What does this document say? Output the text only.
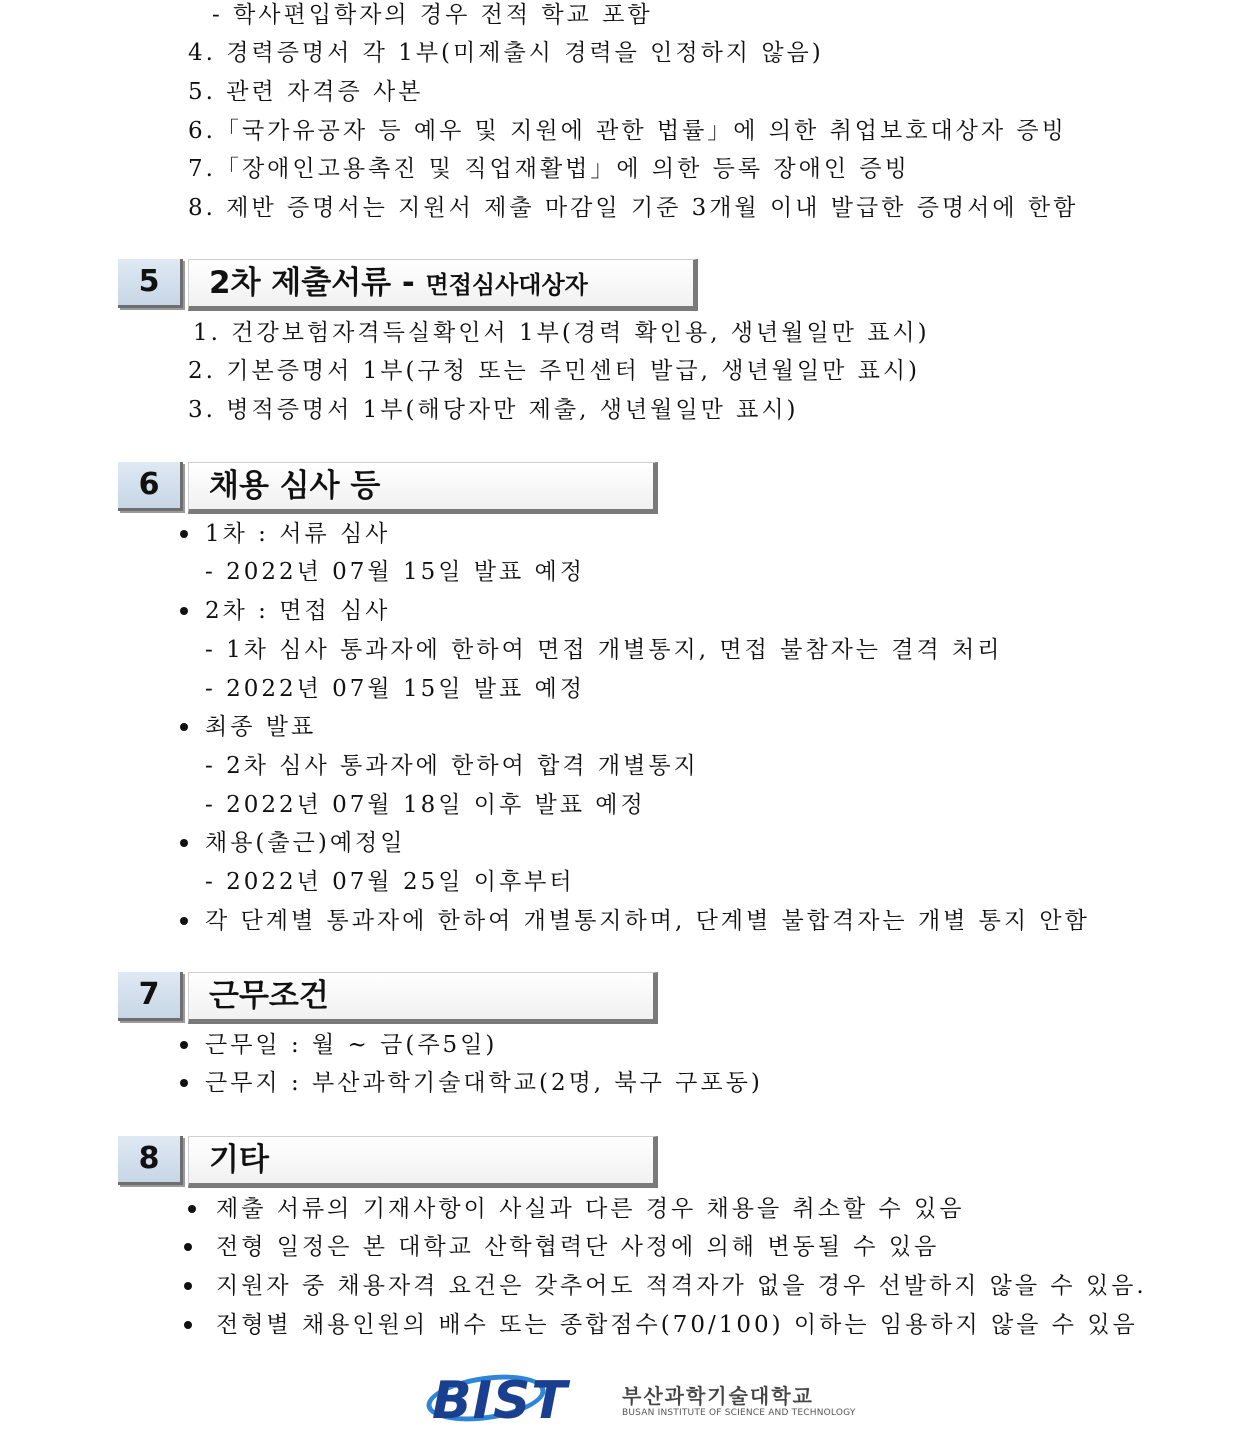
- 학사편입학자의 경우 전적 학교 포함
4. 경력증명서 각 1부(미제출시 경력을 인정하지 않음)
5. 관련 자격증 사본
6.「국가유공자 등 예우 및 지원에 관한 법률」에 의한 취업보호대상자 증빙
7.「장애인고용촉진 및 직업재활법」에 의한 등록 장애인 증빙
8. 제반 증명서는 지원서 제출 마감일 기준 3개월 이내 발급한 증명서에 한함
5	2차 제출서류 - 면접심사대상자
1. 건강보험자격득실확인서 1부(경력 확인용, 생년월일만 표시)
2. 기본증명서 1부(구청 또는 주민센터 발급, 생년월일만 표시)
3. 병적증명서 1부(해당자만 제출, 생년월일만 표시)
6	채용 심사 등
1차 : 서류 심사
- 2022년 07월 15일 발표 예정
2차 : 면접 심사
- 1차 심사 통과자에 한하여 면접 개별통지, 면접 불참자는 결격 처리
- 2022년 07월 15일 발표 예정
최종 발표
- 2차 심사 통과자에 한하여 합격 개별통지
- 2022년 07월 18일 이후 발표 예정
채용(출근)예정일
- 2022년 07월 25일 이후부터
각 단계별 통과자에 한하여 개별통지하며, 단계별 불합격자는 개별 통지 안함
7	근무조건
근무일 : 월 ~ 금(주5일)
근무지 : 부산과학기술대학교(2명, 북구 구포동)
8	기타
제출 서류의 기재사항이 사실과 다른 경우 채용을 취소할 수 있음
전형 일정은 본 대학교 산학협력단 사정에 의해 변동될 수 있음
지원자 중 채용자격 요건은 갖추어도 적격자가 없을 경우 선발하지 않을 수 있음.
전형별 채용인원의 배수 또는 종합점수(70/100) 이하는 임용하지 않을 수 있음
BIST	부산과학기술대학교
BUSAN INSTITUTE OF SCIENCE AND TECHNOLOGY
